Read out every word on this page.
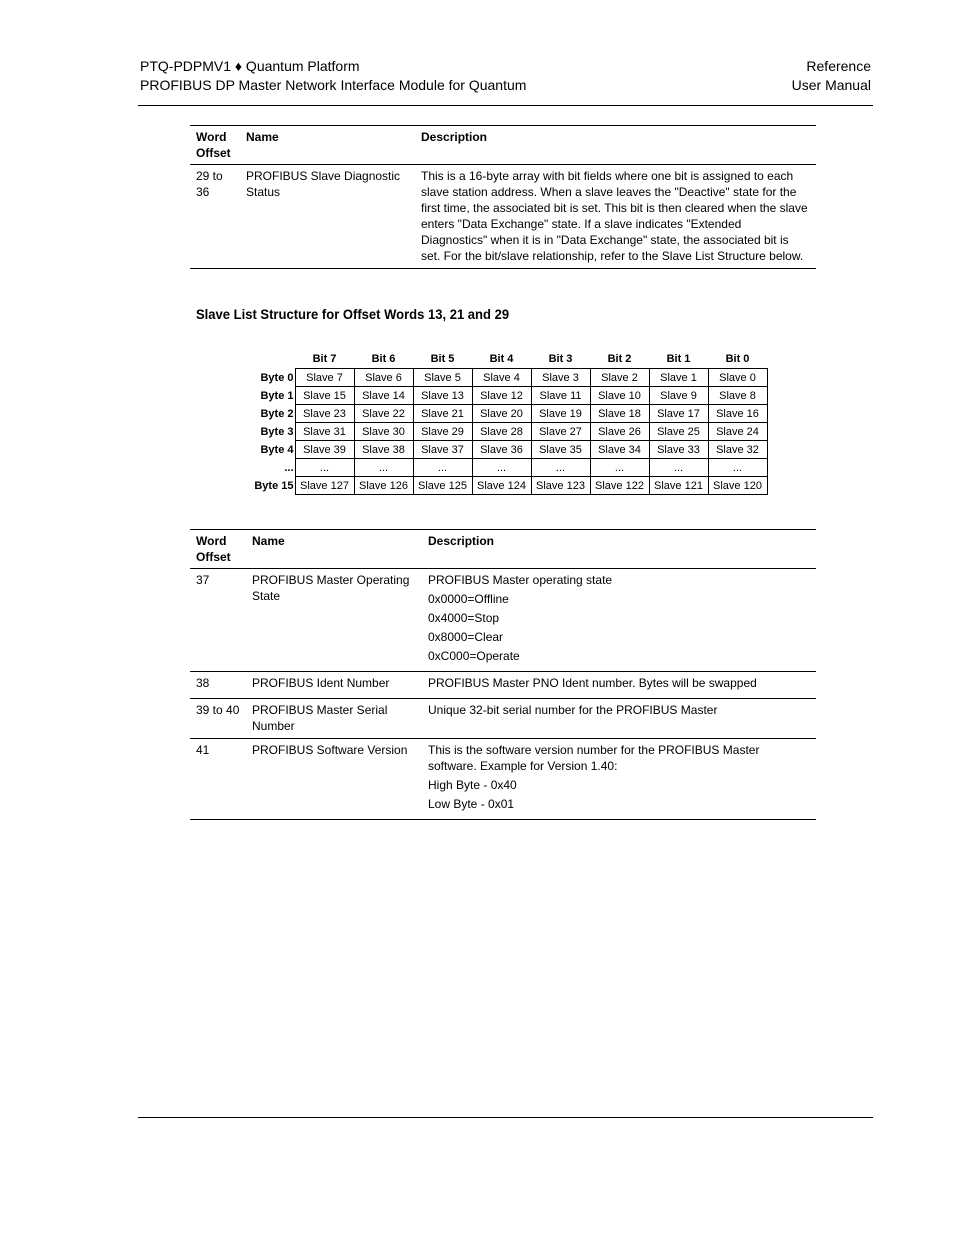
PTQ-PDPMV1 ♦ Quantum Platform
PROFIBUS DP Master Network Interface Module for Quantum
Reference
User Manual
Word Offset	Name	Description
29 to 36	PROFIBUS Slave Diagnostic Status	This is a 16-byte array with bit fields where one bit is assigned to each slave station address. When a slave leaves the "Deactive" state for the first time, the associated bit is set. This bit is then cleared when the slave enters "Data Exchange" state. If a slave indicates "Extended Diagnostics" when it is in "Data Exchange" state, the associated bit is set. For the bit/slave relationship, refer to the Slave List Structure below.
Slave List Structure for Offset Words 13, 21 and 29
	Bit 7	Bit 6	Bit 5	Bit 4	Bit 3	Bit 2	Bit 1	Bit 0
Byte 0	Slave 7	Slave 6	Slave 5	Slave 4	Slave 3	Slave 2	Slave 1	Slave 0
Byte 1	Slave 15	Slave 14	Slave 13	Slave 12	Slave 11	Slave 10	Slave 9	Slave 8
Byte 2	Slave 23	Slave 22	Slave 21	Slave 20	Slave 19	Slave 18	Slave 17	Slave 16
Byte 3	Slave 31	Slave 30	Slave 29	Slave 28	Slave 27	Slave 26	Slave 25	Slave 24
Byte 4	Slave 39	Slave 38	Slave 37	Slave 36	Slave 35	Slave 34	Slave 33	Slave 32
...	...	...	...	...	...	...	...	...
Byte 15	Slave 127	Slave 126	Slave 125	Slave 124	Slave 123	Slave 122	Slave 121	Slave 120
Word Offset	Name	Description
37	PROFIBUS Master Operating State	PROFIBUS Master operating state
0x0000=Offline
0x4000=Stop
0x8000=Clear
0xC000=Operate

38	PROFIBUS Ident Number	PROFIBUS Master PNO Ident number. Bytes will be swapped

39 to 40	PROFIBUS Master Serial Number	Unique 32-bit serial number for the PROFIBUS Master

41	PROFIBUS Software Version	This is the software version number for the PROFIBUS Master software. Example for Version 1.40:
High Byte - 0x40
Low Byte - 0x01
